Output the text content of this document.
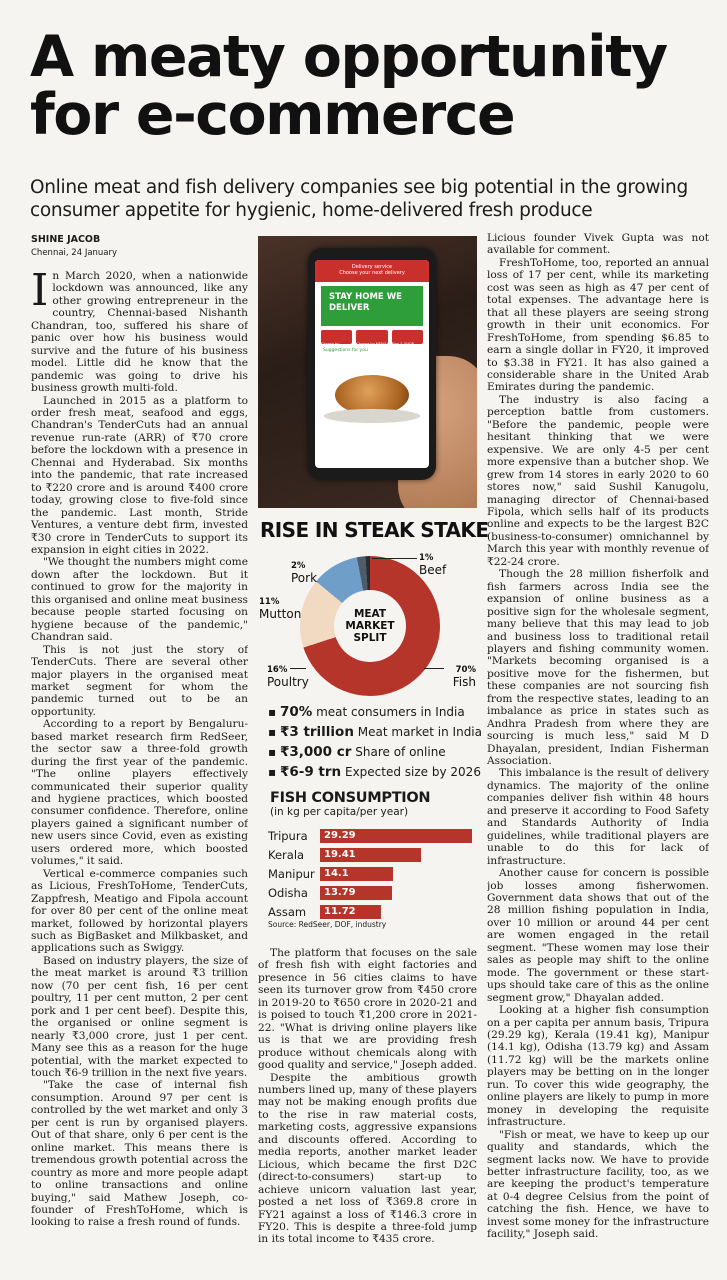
A meaty opportunity for e-commerce
Online meat and fish delivery companies see big potential in the growing consumer appetite for hygienic, home-delivered fresh produce
SHINE JACOB
Chennai, 24 January

In March 2020, when a nationwide lockdown was announced, like any other growing entrepreneur in the country, Chennai-based Nishanth Chandran, too, suffered his share of panic over how his business would survive and the future of his business model. Little did he know that the pandemic was going to drive his business growth multi-fold.

Launched in 2015 as a platform to order fresh meat, seafood and eggs, Chandran's TenderCuts had an annual revenue run-rate (ARR) of ₹70 crore before the lockdown with a presence in Chennai and Hyderabad. Six months into the pandemic, that rate increased to ₹220 crore and is around ₹400 crore today, growing close to five-fold since the pandemic. Last month, Stride Ventures, a venture debt firm, invested ₹30 crore in TenderCuts to support its expansion in eight cities in 2022.

"We thought the numbers might come down after the lockdown. But it continued to grow for the majority in this organised and online meat business because people started focusing on hygiene because of the pandemic," Chandran said.

This is not just the story of TenderCuts. There are several other major players in the organised meat market segment for whom the pandemic turned out to be an opportunity.

According to a report by Bengaluru-based market research firm RedSeer, the sector saw a three-fold growth during the first year of the pandemic. "The online players effectively communicated their superior quality and hygiene practices, which boosted consumer confidence. Therefore, online players gained a significant number of new users since Covid, even as existing users ordered more, which boosted volumes," it said.

Vertical e-commerce companies such as Licious, FreshToHome, TenderCuts, Zappfresh, Meatigo and Fipola account for over 80 per cent of the online meat market, followed by horizontal players such as BigBasket and Milkbasket, and applications such as Swiggy.

Based on industry players, the size of the meat market is around ₹3 trillion now (70 per cent fish, 16 per cent poultry, 11 per cent mutton, 2 per cent pork and 1 per cent beef). Despite this, the organised or online segment is nearly ₹3,000 crore, just 1 per cent. Many see this as a reason for the huge potential, with the market expected to touch ₹6-9 trillion in the next five years.

"Take the case of internal fish consumption. Around 97 per cent is controlled by the wet market and only 3 per cent is run by organised players. Out of that share, only 6 per cent is the online market. This means there is tremendous growth potential across the country as more and more people adapt to online transactions and online buying," said Mathew Joseph, co-founder of FreshToHome, which is looking to raise a fresh round of funds.

Delivery service
Choose your next delivery
STAY HOME WE DELIVER
Choose by PRODUCT
Choose by MENU	Plan & SHOP
Suggestions for you
RISE IN STEAK STAKE
MEAT MARKET SPLIT
70%
Fish
16%
Poultry
11%
Mutton
2%
Pork
1%
Beef
▪ 70% meat consumers in India
▪ ₹3 trillion Meat market in India
▪ ₹3,000 cr Share of online
▪ ₹6-9 trn Expected size by 2026
FISH CONSUMPTION
(in kg per capita/per year)
Tripura 29.29
Kerala 19.41
Manipur 14.1
Odisha 13.79
Assam 11.72
Source: RedSeer, DOF, industry

The platform that focuses on the sale of fresh fish with eight factories and presence in 56 cities claims to have seen its turnover grow from ₹450 crore in 2019-20 to ₹650 crore in 2020-21 and is poised to touch ₹1,200 crore in 2021-22. "What is driving online players like us is that we are providing fresh produce without chemicals along with good quality and service," Joseph added.

Despite the ambitious growth numbers lined up, many of these players may not be making enough profits due to the rise in raw material costs, marketing costs, aggressive expansions and discounts offered. According to media reports, another market leader Licious, which became the first D2C (direct-to-consumers) start-up to achieve unicorn valuation last year, posted a net loss of ₹369.8 crore in FY21 against a loss of ₹146.3 crore in FY20. This is despite a three-fold jump in its total income to ₹435 crore.

Licious founder Vivek Gupta was not available for comment.

FreshToHome, too, reported an annual loss of 17 per cent, while its marketing cost was seen as high as 47 per cent of total expenses. The advantage here is that all these players are seeing strong growth in their unit economics. For FreshToHome, from spending $6.85 to earn a single dollar in FY20, it improved to $3.38 in FY21. It has also gained a considerable share in the United Arab Emirates during the pandemic.

The industry is also facing a perception battle from customers. "Before the pandemic, people were hesitant thinking that we were expensive. We are only 4-5 per cent more expensive than a butcher shop. We grew from 14 stores in early 2020 to 60 stores now," said Sushil Kanugolu, managing director of Chennai-based Fipola, which sells half of its products online and expects to be the largest B2C (business-to-consumer) omnichannel by March this year with monthly revenue of ₹22-24 crore.

Though the 28 million fisherfolk and fish farmers across India see the expansion of online business as a positive sign for the wholesale segment, many believe that this may lead to job and business loss to traditional retail players and fishing community women. "Markets becoming organised is a positive move for the fishermen, but these companies are not sourcing fish from the respective states, leading to an imbalance as price in states such as Andhra Pradesh from where they are sourcing is much less," said M D Dhayalan, president, Indian Fisherman Association.

This imbalance is the result of delivery dynamics. The majority of the online companies deliver fish within 48 hours and preserve it according to Food Safety and Standards Authority of India guidelines, while traditional players are unable to do this for lack of infrastructure.

Another cause for concern is possible job losses among fisherwomen. Government data shows that out of the 28 million fishing population in India, over 10 million or around 44 per cent are women engaged in the retail segment. "These women may lose their sales as people may shift to the online mode. The government or these start-ups should take care of this as the online segment grow," Dhayalan added.

Looking at a higher fish consumption on a per capita per annum basis, Tripura (29.29 kg), Kerala (19.41 kg), Manipur (14.1 kg), Odisha (13.79 kg) and Assam (11.72 kg) will be the markets online players may be betting on in the longer run. To cover this wide geography, the online players are likely to pump in more money in developing the requisite infrastructure.

"Fish or meat, we have to keep up our quality and standards, which the segment lacks now. We have to provide better infrastructure facility, too, as we are keeping the product's temperature at 0-4 degree Celsius from the point of catching the fish. Hence, we have to invest some money for the infrastructure facility," Joseph said.
